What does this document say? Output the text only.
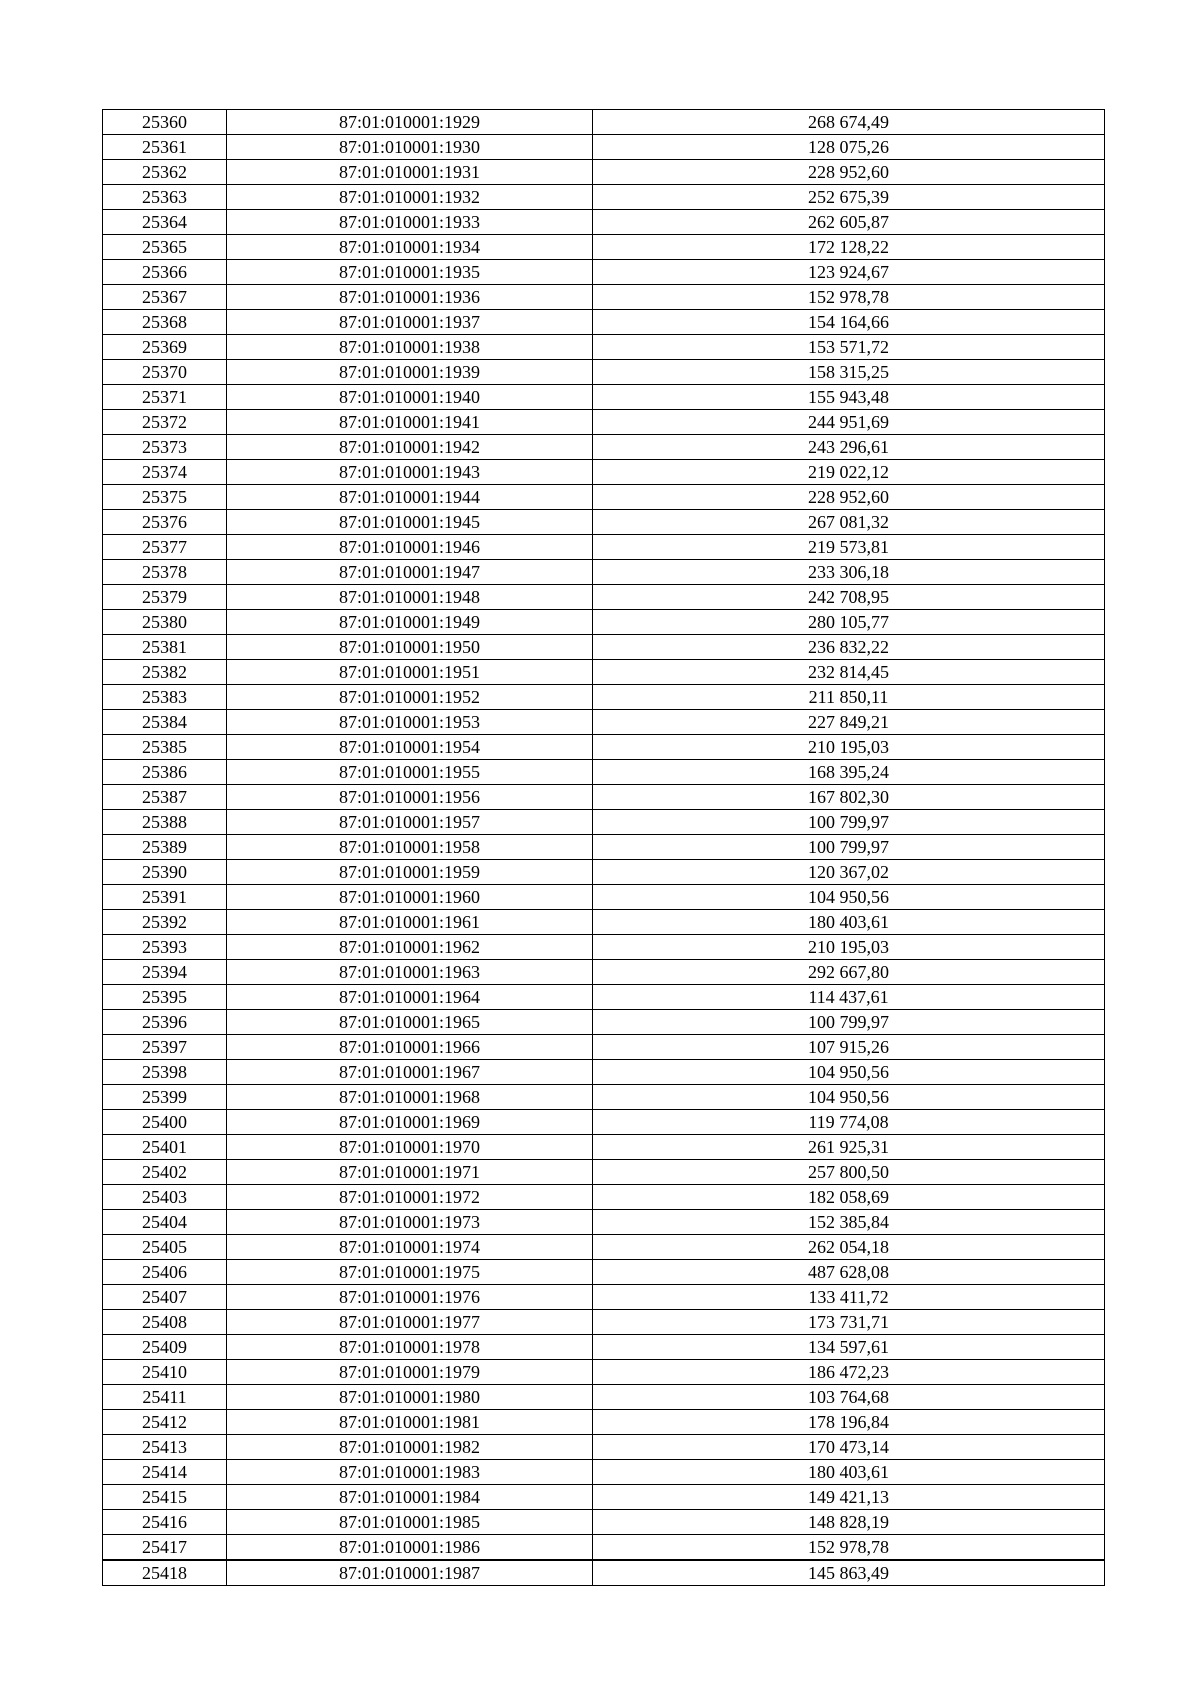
25360	87:01:010001:1929	268 674,49
25361	87:01:010001:1930	128 075,26
25362	87:01:010001:1931	228 952,60
25363	87:01:010001:1932	252 675,39
25364	87:01:010001:1933	262 605,87
25365	87:01:010001:1934	172 128,22
25366	87:01:010001:1935	123 924,67
25367	87:01:010001:1936	152 978,78
25368	87:01:010001:1937	154 164,66
25369	87:01:010001:1938	153 571,72
25370	87:01:010001:1939	158 315,25
25371	87:01:010001:1940	155 943,48
25372	87:01:010001:1941	244 951,69
25373	87:01:010001:1942	243 296,61
25374	87:01:010001:1943	219 022,12
25375	87:01:010001:1944	228 952,60
25376	87:01:010001:1945	267 081,32
25377	87:01:010001:1946	219 573,81
25378	87:01:010001:1947	233 306,18
25379	87:01:010001:1948	242 708,95
25380	87:01:010001:1949	280 105,77
25381	87:01:010001:1950	236 832,22
25382	87:01:010001:1951	232 814,45
25383	87:01:010001:1952	211 850,11
25384	87:01:010001:1953	227 849,21
25385	87:01:010001:1954	210 195,03
25386	87:01:010001:1955	168 395,24
25387	87:01:010001:1956	167 802,30
25388	87:01:010001:1957	100 799,97
25389	87:01:010001:1958	100 799,97
25390	87:01:010001:1959	120 367,02
25391	87:01:010001:1960	104 950,56
25392	87:01:010001:1961	180 403,61
25393	87:01:010001:1962	210 195,03
25394	87:01:010001:1963	292 667,80
25395	87:01:010001:1964	114 437,61
25396	87:01:010001:1965	100 799,97
25397	87:01:010001:1966	107 915,26
25398	87:01:010001:1967	104 950,56
25399	87:01:010001:1968	104 950,56
25400	87:01:010001:1969	119 774,08
25401	87:01:010001:1970	261 925,31
25402	87:01:010001:1971	257 800,50
25403	87:01:010001:1972	182 058,69
25404	87:01:010001:1973	152 385,84
25405	87:01:010001:1974	262 054,18
25406	87:01:010001:1975	487 628,08
25407	87:01:010001:1976	133 411,72
25408	87:01:010001:1977	173 731,71
25409	87:01:010001:1978	134 597,61
25410	87:01:010001:1979	186 472,23
25411	87:01:010001:1980	103 764,68
25412	87:01:010001:1981	178 196,84
25413	87:01:010001:1982	170 473,14
25414	87:01:010001:1983	180 403,61
25415	87:01:010001:1984	149 421,13
25416	87:01:010001:1985	148 828,19
25417	87:01:010001:1986	152 978,78
25418	87:01:010001:1987	145 863,49
